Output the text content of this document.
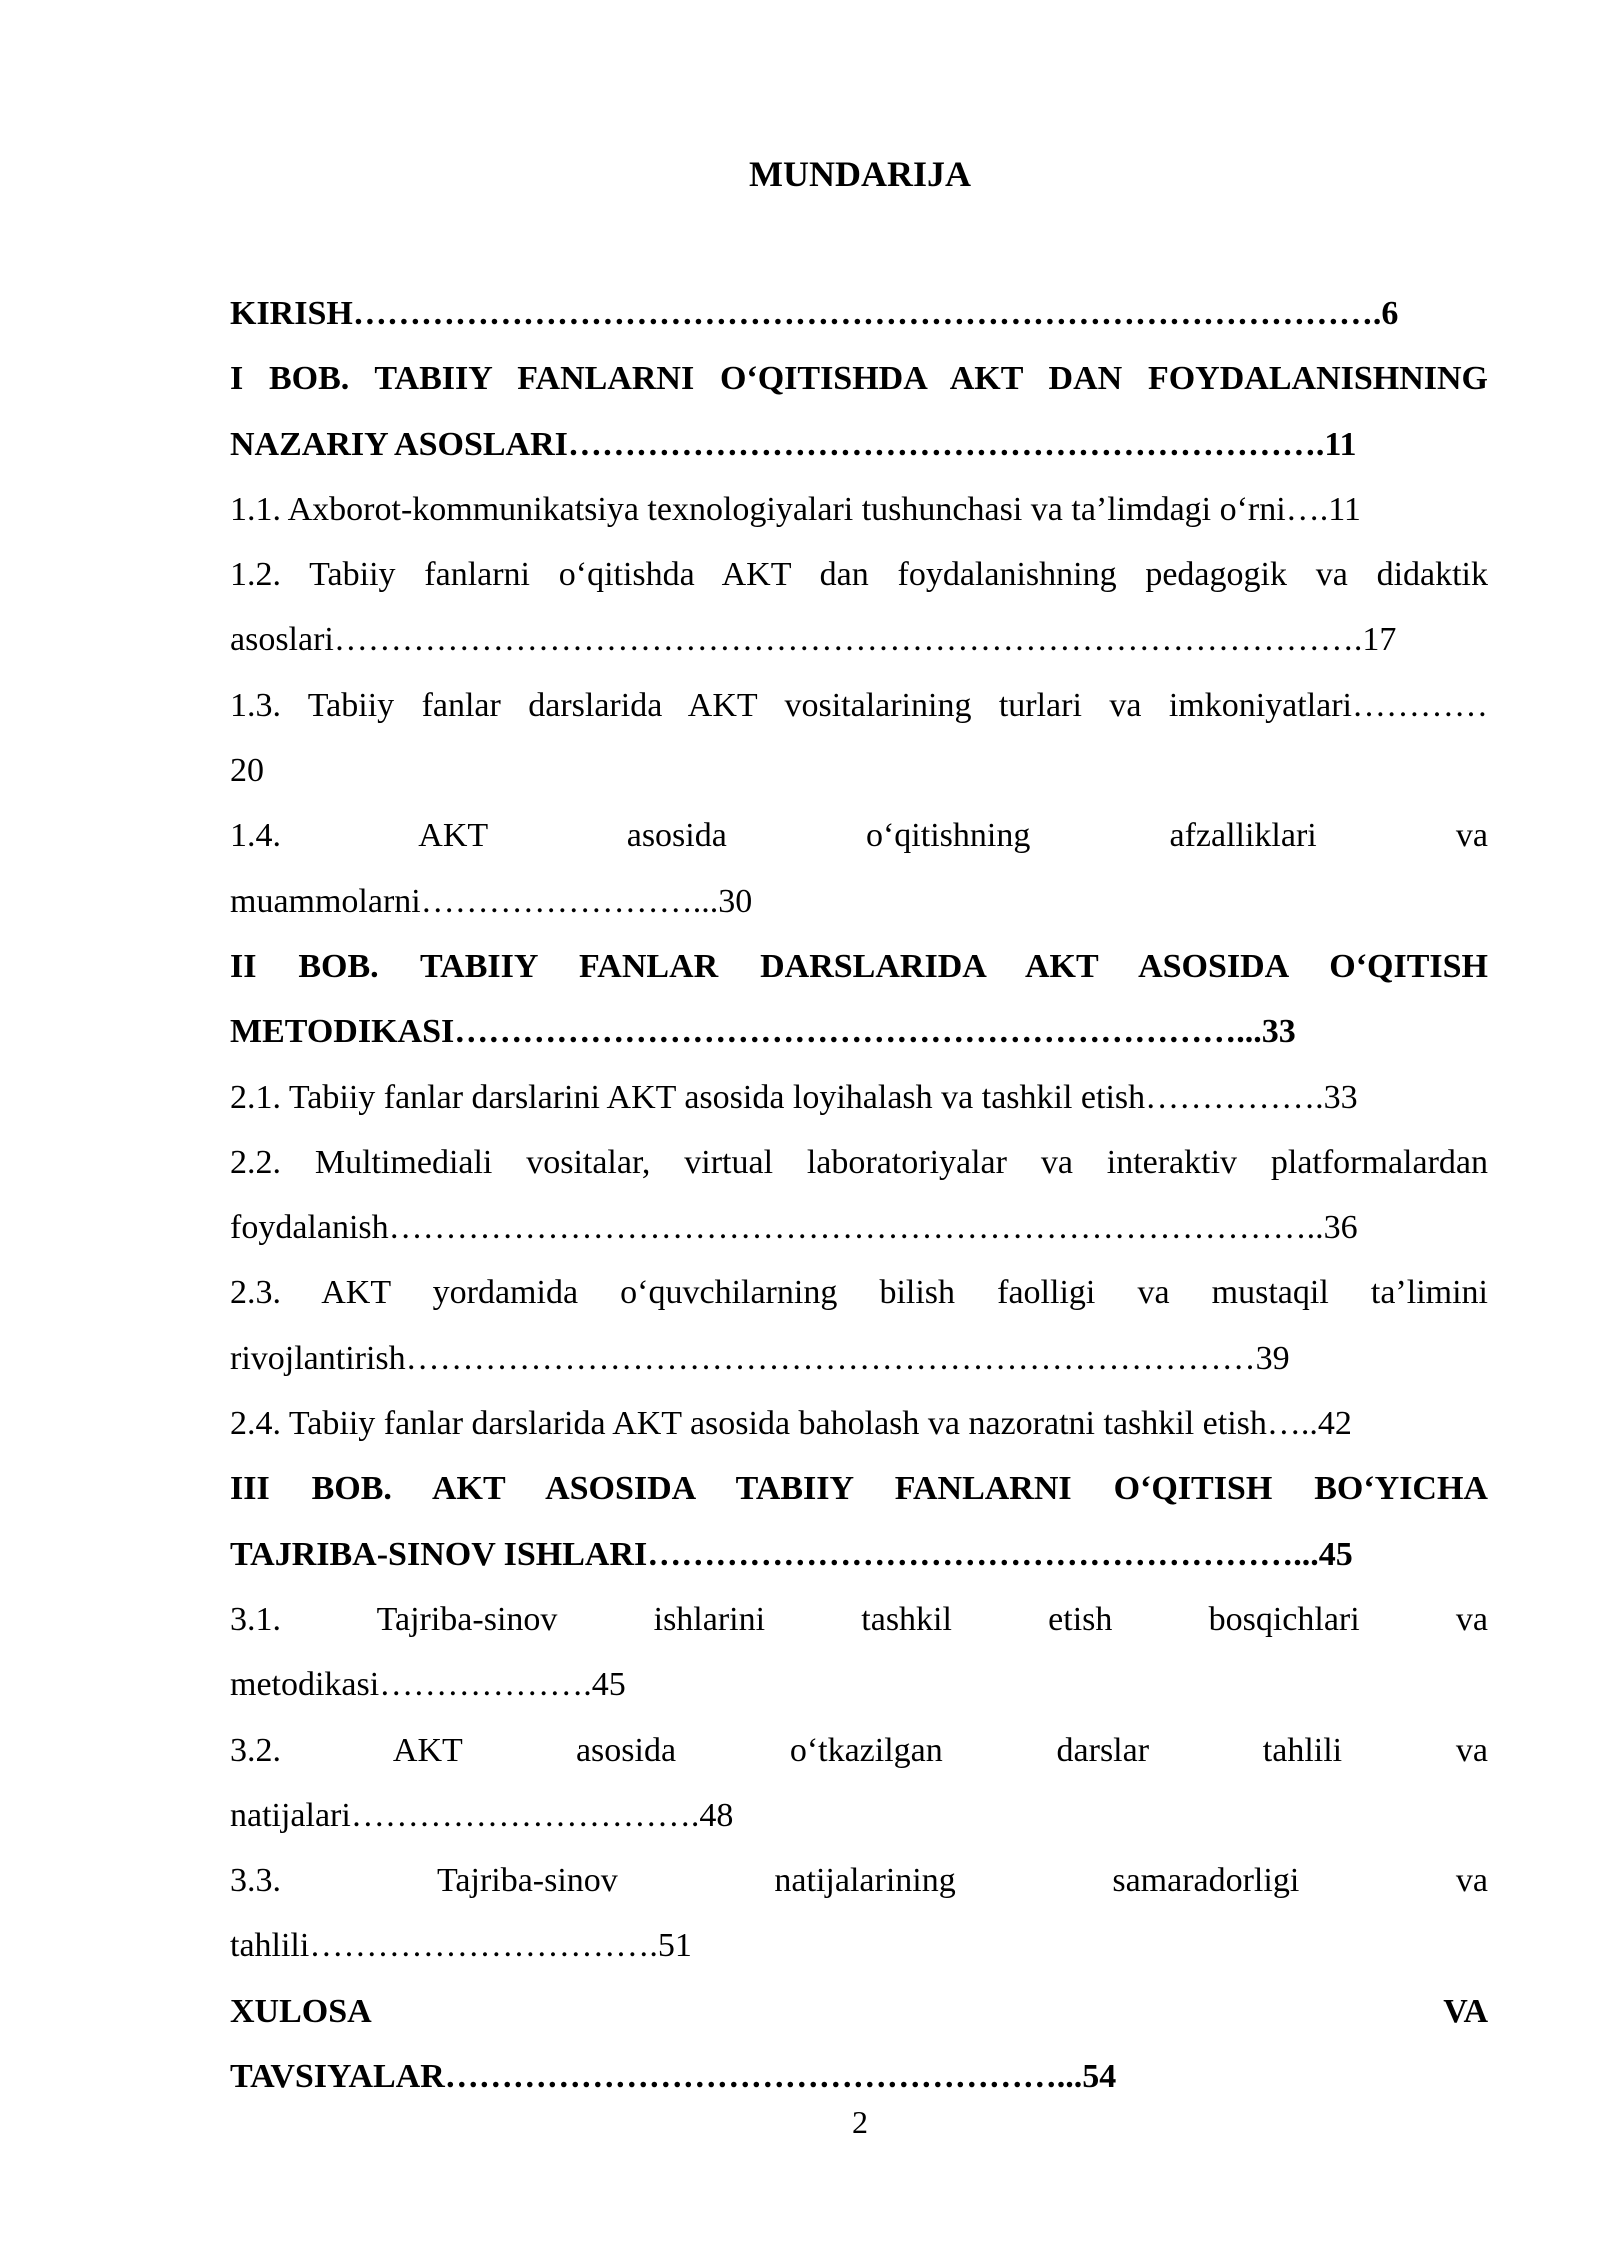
MUNDARIJA
KIRISH……………………………………………………………………………….6
I BOB. TABIIY FANLARNI O‘QITISHDA AKT DAN FOYDALANISHNING
NAZARIY ASOSLARI………………………………………………………….11
1.1. Axborot-kommunikatsiya texnologiyalari tushunchasi va ta’limdagi o‘rni….11
1.2. Tabiiy fanlarni o‘qitishda AKT dan foydalanishning pedagogik va didaktik
asoslari……………………………………………………………………………….17
1.3. Tabiiy fanlar darslarida AKT vositalarining turlari va imkoniyatlari…………
20
1.4. AKT asosida o‘qitishning afzalliklari va
muammolarni……………………...30
II BOB. TABIIY FANLAR DARSLARIDA AKT ASOSIDA O‘QITISH
METODIKASI……………………………………………………………...33
2.1. Tabiiy fanlar darslarini AKT asosida loyihalash va tashkil etish…………….33
2.2. Multimediali vositalar, virtual laboratoriyalar va interaktiv platformalardan
foydalanish………………………………………………………………………..36
2.3. AKT yordamida o‘quvchilarning bilish faolligi va mustaqil ta’limini
rivojlantirish…………………………………………………………………39
2.4. Tabiiy fanlar darslarida AKT asosida baholash va nazoratni tashkil etish…..42
III BOB. AKT ASOSIDA TABIIY FANLARNI O‘QITISH BO‘YICHA
TAJRIBA-SINOV ISHLARI…………………………………………………...45
3.1. Tajriba-sinov ishlarini tashkil etish bosqichlari va
metodikasi……………….45
3.2. AKT asosida o‘tkazilgan darslar tahlili va
natijalari………………………….48
3.3. Tajriba-sinov natijalarining samaradorligi va
tahlili………………………….51
XULOSA VA
TAVSIYALAR………………………………………………...54
2
